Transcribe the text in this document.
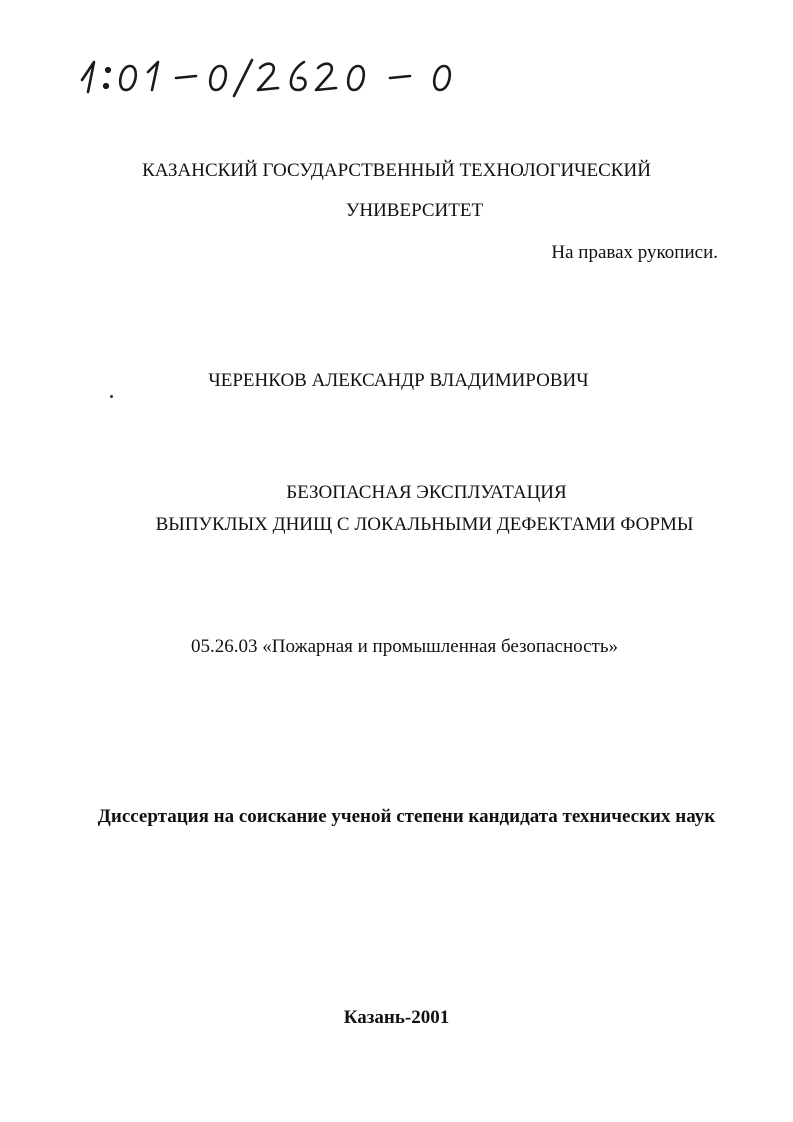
1:01-0/2620-0
КАЗАНСКИЙ ГОСУДАРСТВЕННЫЙ ТЕХНОЛОГИЧЕСКИЙ
УНИВЕРСИТЕТ
На правах рукописи.
ЧЕРЕНКОВ АЛЕКСАНДР ВЛАДИМИРОВИЧ
БЕЗОПАСНАЯ ЭКСПЛУАТАЦИЯ
ВЫПУКЛЫХ ДНИЩ С ЛОКАЛЬНЫМИ ДЕФЕКТАМИ ФОРМЫ
05.26.03 «Пожарная и промышленная безопасность»
Диссертация на соискание ученой степени кандидата технических наук
Казань-2001
